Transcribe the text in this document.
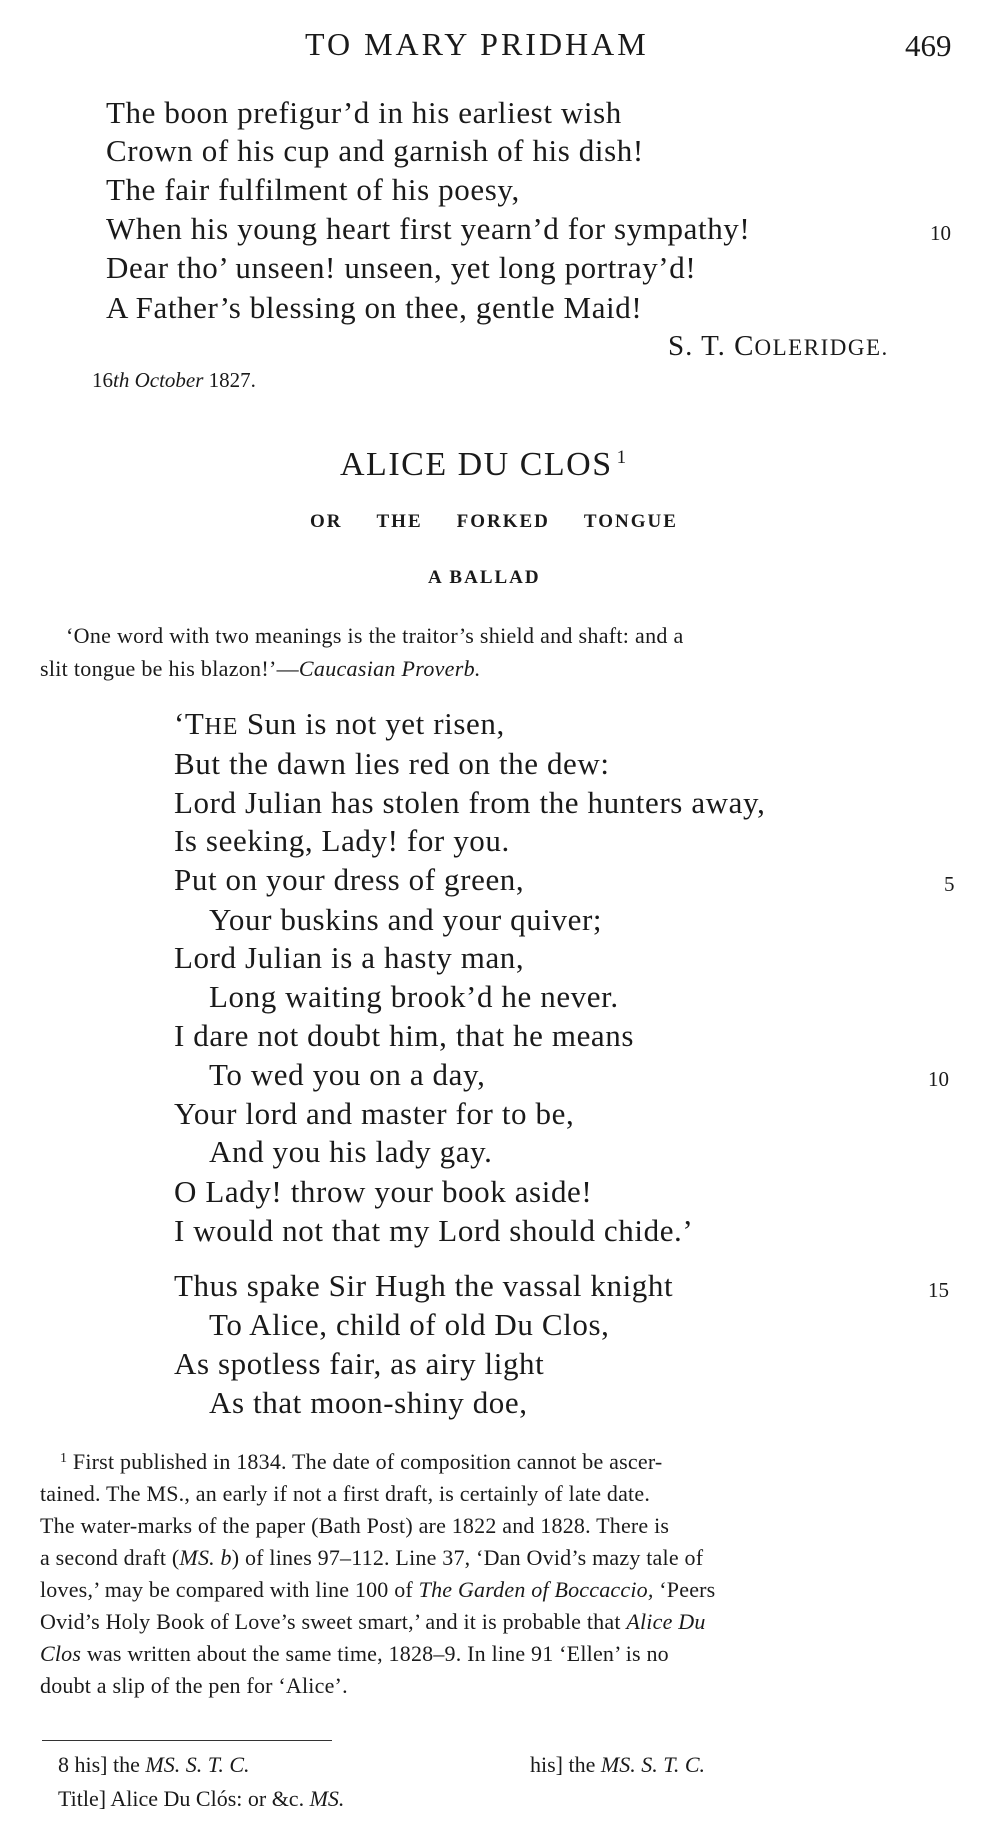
TO MARY PRIDHAM	469
The boon prefigur’d in his earliest wish
Crown of his cup and garnish of his dish!
The fair fulfilment of his poesy,
When his young heart first yearn’d for sympathy!	10
Dear tho’ unseen! unseen, yet long portray’d!
A Father’s blessing on thee, gentle Maid!
S. T. COLERIDGE.
16th October 1827.
ALICE DU CLOS $^1$
OR THE FORKED TONGUE
A BALLAD
‘One word with two meanings is the traitor’s shield and shaft: and a
slit tongue be his blazon!’—Caucasian Proverb.
‘THE Sun is not yet risen,
But the dawn lies red on the dew:
Lord Julian has stolen from the hunters away,
Is seeking, Lady! for you.
Put on your dress of green,	5
Your buskins and your quiver;
Lord Julian is a hasty man,
Long waiting brook’d he never.
I dare not doubt him, that he means
To wed you on a day,	10
Your lord and master for to be,
And you his lady gay.
O Lady! throw your book aside!
I would not that my Lord should chide.’
Thus spake Sir Hugh the vassal knight	15
To Alice, child of old Du Clos,
As spotless fair, as airy light
As that moon-shiny doe,
$^1$ First published in 1834. The date of composition cannot be ascer-
tained. The MS., an early if not a first draft, is certainly of late date.
The water-marks of the paper (Bath Post) are 1822 and 1828. There is
a second draft (MS. b) of lines 97–112. Line 37, ‘Dan Ovid’s mazy tale of
loves,’ may be compared with line 100 of The Garden of Boccaccio, ‘Peers
Ovid’s Holy Book of Love’s sweet smart,’ and it is probable that Alice Du
Clos was written about the same time, 1828–9. In line 91 ‘Ellen’ is no
doubt a slip of the pen for ‘Alice’.
8 his] the MS. S. T. C.	his] the MS. S. T. C.
Title] Alice Du Clós: or &c. MS.
